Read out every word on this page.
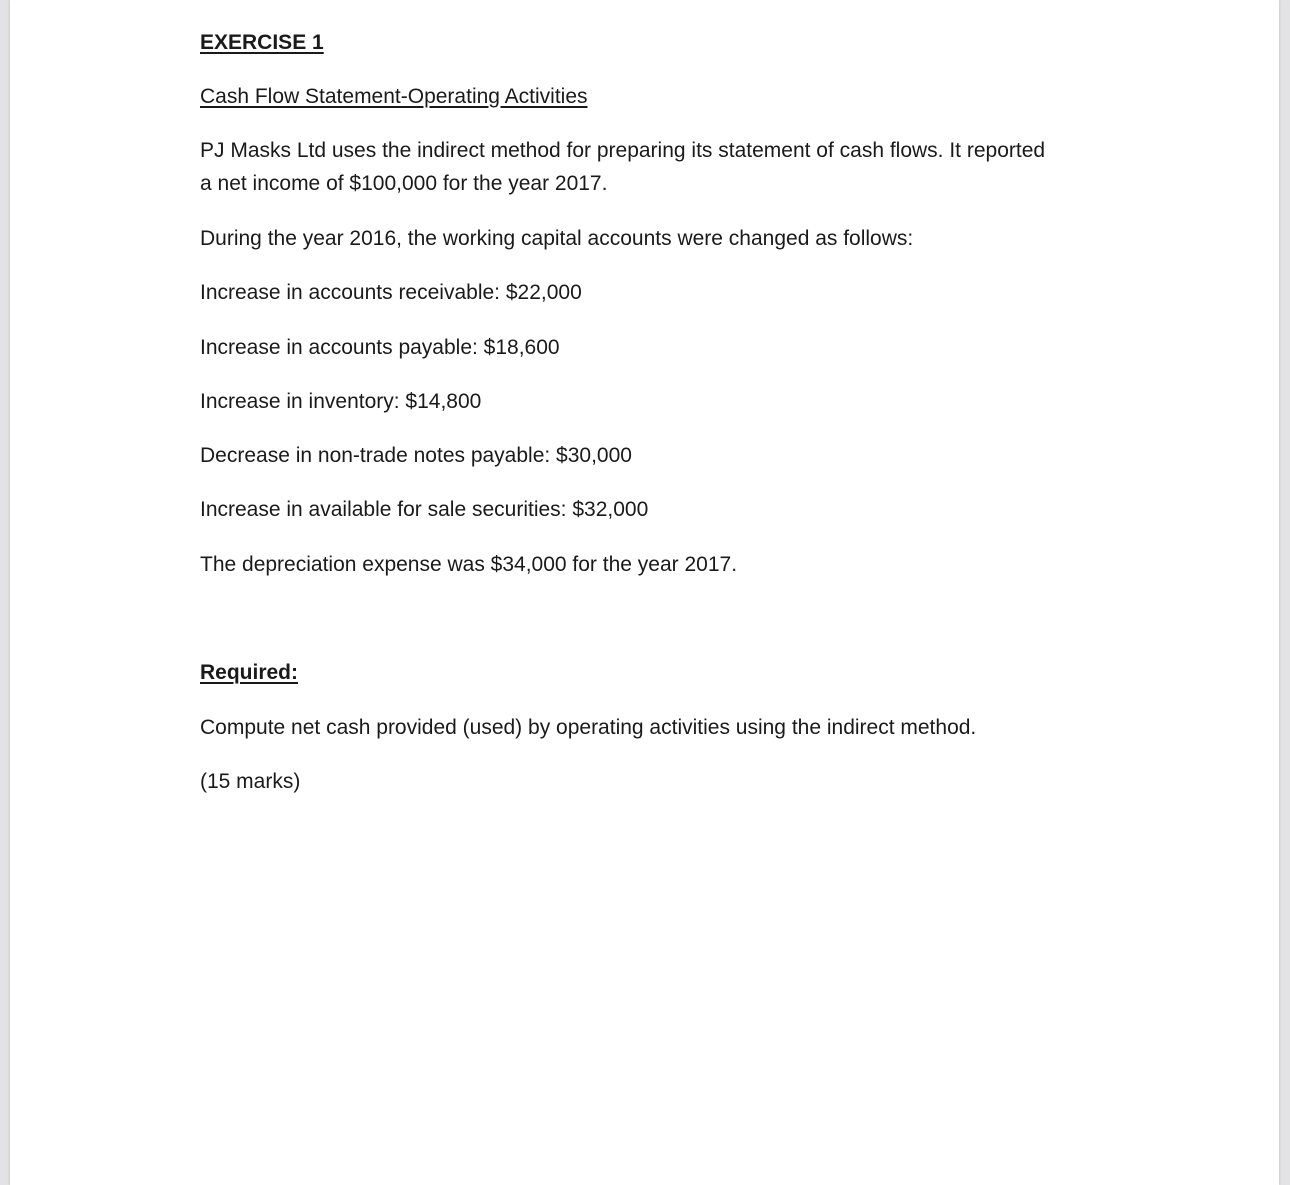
EXERCISE 1
Cash Flow Statement-Operating Activities
PJ Masks Ltd uses the indirect method for preparing its statement of cash flows. It reported
a net income of $100,000 for the year 2017.
During the year 2016, the working capital accounts were changed as follows:
Increase in accounts receivable: $22,000
Increase in accounts payable: $18,600
Increase in inventory: $14,800
Decrease in non-trade notes payable: $30,000
Increase in available for sale securities: $32,000
The depreciation expense was $34,000 for the year 2017.
Required:
Compute net cash provided (used) by operating activities using the indirect method.
(15 marks)
